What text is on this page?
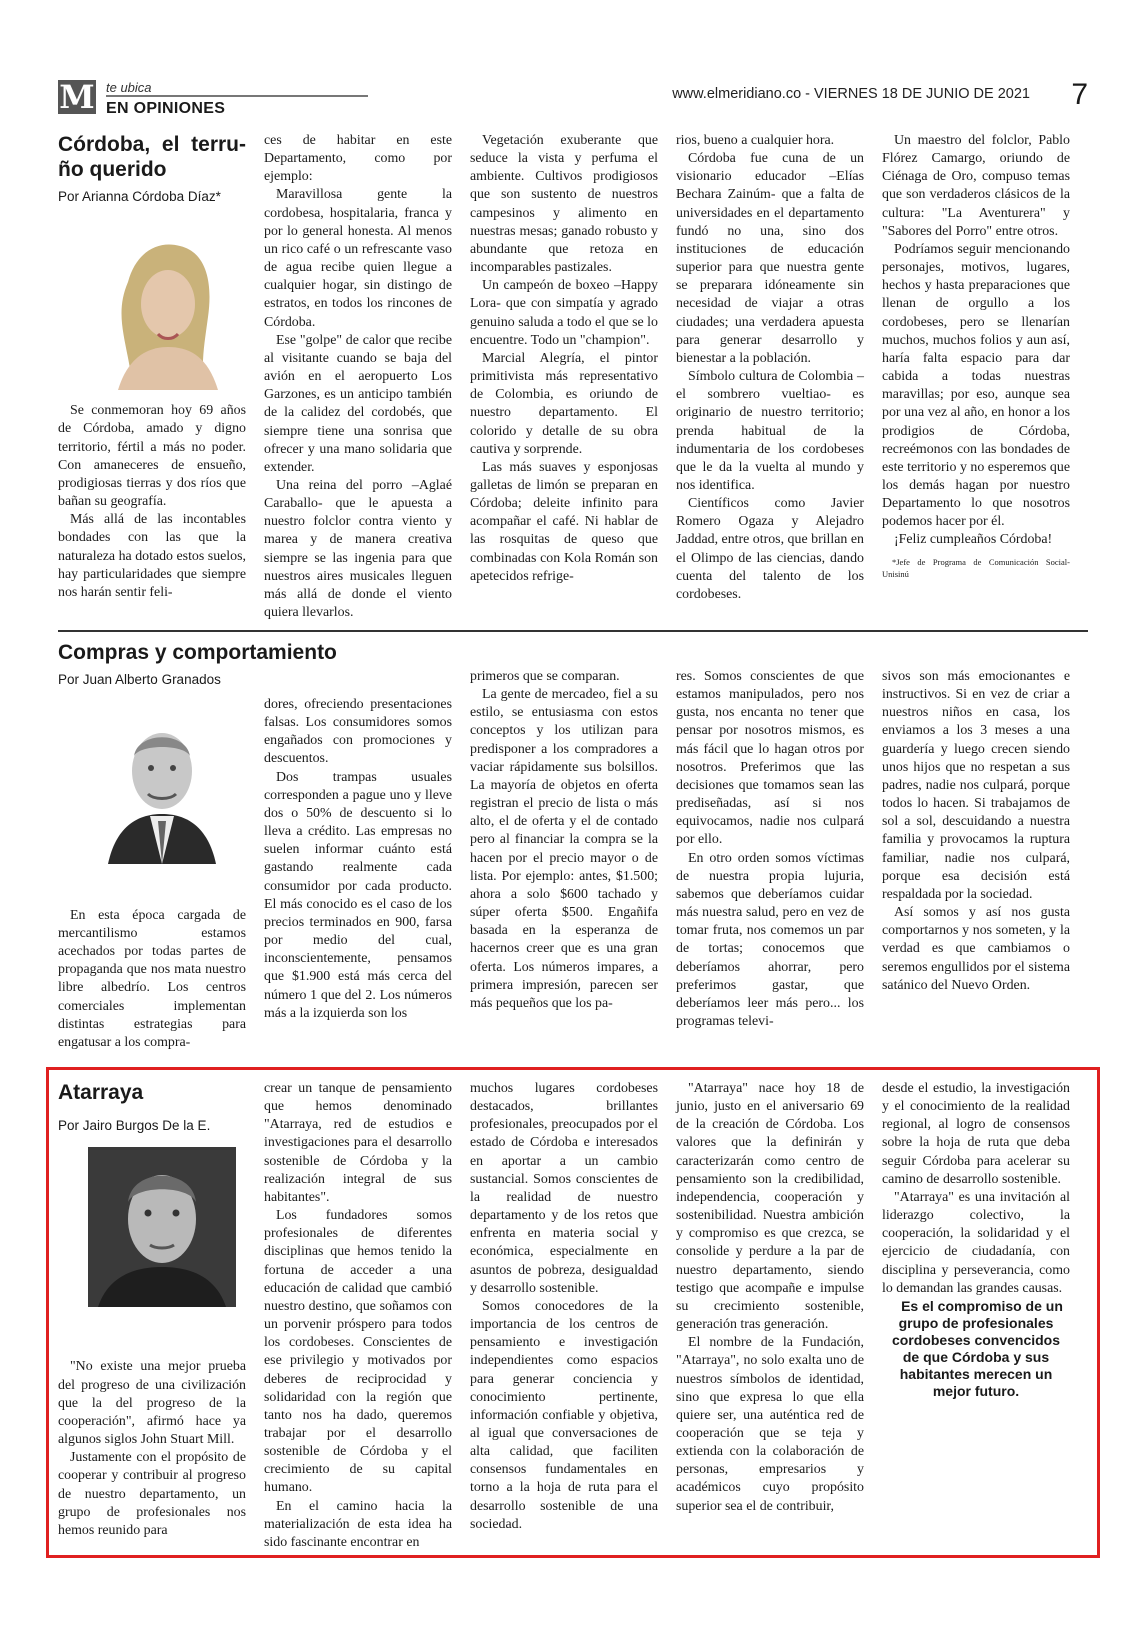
M te ubica
EN OPINIONES
www.elmeridiano.co - VIERNES 18 DE JUNIO DE 2021 7
Córdoba, el terru-ño querido
Por Arianna Córdoba Díaz*

Se conmemoran hoy 69 años de Córdoba, amado y digno territorio, fértil a más no poder. Con amaneceres de ensueño, prodigiosas tierras y dos ríos que bañan su geografía.

Más allá de las incontables bondades con las que la naturaleza ha dotado estos suelos, hay particularidades que siempre nos harán sentir feli-

ces de habitar en este Departamento, como por ejemplo:

Maravillosa gente la cordobesa, hospitalaria, franca y por lo general honesta. Al menos un rico café o un refrescante vaso de agua recibe quien llegue a cualquier hogar, sin distingo de estratos, en todos los rincones de Córdoba.

Ese "golpe" de calor que recibe al visitante cuando se baja del avión en el aeropuerto Los Garzones, es un anticipo también de la calidez del cordobés, que siempre tiene una sonrisa que ofrecer y una mano solidaria que extender.

Una reina del porro –Aglaé Caraballo- que le apuesta a nuestro folclor contra viento y marea y de manera creativa siempre se las ingenia para que nuestros aires musicales lleguen más allá de donde el viento quiera llevarlos.

Vegetación exuberante que seduce la vista y perfuma el ambiente. Cultivos prodigiosos que son sustento de nuestros campesinos y alimento en nuestras mesas; ganado robusto y abundante que retoza en incomparables pastizales.

Un campeón de boxeo –Happy Lora- que con simpatía y agrado genuino saluda a todo el que se lo encuentre. Todo un "champion".

Marcial Alegría, el pintor primitivista más representativo de Colombia, es oriundo de nuestro departamento. El colorido y detalle de su obra cautiva y sorprende.

Las más suaves y esponjosas galletas de limón se preparan en Córdoba; deleite infinito para acompañar el café. Ni hablar de las rosquitas de queso que combinadas con Kola Román son apetecidos refrige-

rios, bueno a cualquier hora.

Córdoba fue cuna de un visionario educador –Elías Bechara Zainúm- que a falta de universidades en el departamento fundó no una, sino dos instituciones de educación superior para que nuestra gente se preparara idóneamente sin necesidad de viajar a otras ciudades; una verdadera apuesta para generar desarrollo y bienestar a la población.

Símbolo cultura de Colombia –el sombrero vueltiao- es originario de nuestro territorio; prenda habitual de la indumentaria de los cordobeses que le da la vuelta al mundo y nos identifica.

Científicos como Javier Romero Ogaza y Alejadro Jaddad, entre otros, que brillan en el Olimpo de las ciencias, dando cuenta del talento de los cordobeses.

Un maestro del folclor, Pablo Flórez Camargo, oriundo de Ciénaga de Oro, compuso temas que son verdaderos clásicos de la cultura: "La Aventurera" y "Sabores del Porro" entre otros.

Podríamos seguir mencionando personajes, motivos, lugares, hechos y hasta preparaciones que llenan de orgullo a los cordobeses, pero se llenarían muchos, muchos folios y aun así, haría falta espacio para dar cabida a todas nuestras maravillas; por eso, aunque sea por una vez al año, en honor a los prodigios de Córdoba, recreémonos con las bondades de este territorio y no esperemos que los demás hagan por nuestro Departamento lo que nosotros podemos hacer por él.

¡Feliz cumpleaños Córdoba!

*Jefe de Programa de Comunicación Social-Unisinú

Compras y comportamiento
Por Juan Alberto Granados

En esta época cargada de mercantilismo estamos acechados por todas partes de propaganda que nos mata nuestro libre albedrío. Los centros comerciales implementan distintas estrategias para engatusar a los compra-

dores, ofreciendo presentaciones falsas. Los consumidores somos engañados con promociones y descuentos.

Dos trampas usuales corresponden a pague uno y lleve dos o 50% de descuento si lo lleva a crédito. Las empresas no suelen informar cuánto está gastando realmente cada consumidor por cada producto. El más conocido es el caso de los precios terminados en 900, farsa por medio del cual, inconscientemente, pensamos que $1.900 está más cerca del número 1 que del 2. Los números más a la izquierda son los

primeros que se comparan.

La gente de mercadeo, fiel a su estilo, se entusiasma con estos conceptos y los utilizan para predisponer a los compradores a vaciar rápidamente sus bolsillos. La mayoría de objetos en oferta registran el precio de lista o más alto, el de oferta y el de contado pero al financiar la compra se la hacen por el precio mayor o de lista. Por ejemplo: antes, $1.500; ahora a solo $600 tachado y súper oferta $500. Engañifa basada en la esperanza de hacernos creer que es una gran oferta. Los números impares, a primera impresión, parecen ser más pequeños que los pa-

res. Somos conscientes de que estamos manipulados, pero nos gusta, nos encanta no tener que pensar por nosotros mismos, es más fácil que lo hagan otros por nosotros. Preferimos que las decisiones que tomamos sean las prediseñadas, así si nos equivocamos, nadie nos culpará por ello.

En otro orden somos víctimas de nuestra propia lujuria, sabemos que deberíamos cuidar más nuestra salud, pero en vez de tomar fruta, nos comemos un par de tortas; conocemos que deberíamos ahorrar, pero preferimos gastar, que deberíamos leer más pero... los programas televi-

sivos son más emocionantes e instructivos. Si en vez de criar a nuestros niños en casa, los enviamos a los 3 meses a una guardería y luego crecen siendo unos hijos que no respetan a sus padres, nadie nos culpará, porque todos lo hacen. Si trabajamos de sol a sol, descuidando a nuestra familia y provocamos la ruptura familiar, nadie nos culpará, porque esa decisión está respaldada por la sociedad.

Así somos y así nos gusta comportarnos y nos someten, y la verdad es que cambiamos o seremos engullidos por el sistema satánico del Nuevo Orden.

Atarraya
Por Jairo Burgos De la E.

"No existe una mejor prueba del progreso de una civilización que la del progreso de la cooperación", afirmó hace ya algunos siglos John Stuart Mill.

Justamente con el propósito de cooperar y contribuir al progreso de nuestro departamento, un grupo de profesionales nos hemos reunido para

crear un tanque de pensamiento que hemos denominado "Atarraya, red de estudios e investigaciones para el desarrollo sostenible de Córdoba y la realización integral de sus habitantes".

Los fundadores somos profesionales de diferentes disciplinas que hemos tenido la fortuna de acceder a una educación de calidad que cambió nuestro destino, que soñamos con un porvenir próspero para todos los cordobeses. Conscientes de ese privilegio y motivados por deberes de reciprocidad y solidaridad con la región que tanto nos ha dado, queremos trabajar por el desarrollo sostenible de Córdoba y el crecimiento de su capital humano.

En el camino hacia la materialización de esta idea ha sido fascinante encontrar en

muchos lugares cordobeses destacados, brillantes profesionales, preocupados por el estado de Córdoba e interesados en aportar a un cambio sustancial. Somos conscientes de la realidad de nuestro departamento y de los retos que enfrenta en materia social y económica, especialmente en asuntos de pobreza, desigualdad y desarrollo sostenible.

Somos conocedores de la importancia de los centros de pensamiento e investigación independientes como espacios para generar conciencia y conocimiento pertinente, información confiable y objetiva, al igual que conversaciones de alta calidad, que faciliten consensos fundamentales en torno a la hoja de ruta para el desarrollo sostenible de una sociedad.

"Atarraya" nace hoy 18 de junio, justo en el aniversario 69 de la creación de Córdoba. Los valores que la definirán y caracterizarán como centro de pensamiento son la credibilidad, independencia, cooperación y sostenibilidad. Nuestra ambición y compromiso es que crezca, se consolide y perdure a la par de nuestro departamento, siendo testigo que acompañe e impulse su crecimiento sostenible, generación tras generación.

El nombre de la Fundación, "Atarraya", no solo exalta uno de nuestros símbolos de identidad, sino que expresa lo que ella quiere ser, una auténtica red de cooperación que se teja y extienda con la colaboración de personas, empresarios y académicos cuyo propósito superior sea el de contribuir,

desde el estudio, la investigación y el conocimiento de la realidad regional, al logro de consensos sobre la hoja de ruta que deba seguir Córdoba para acelerar su camino de desarrollo sostenible.

"Atarraya" es una invitación al liderazgo colectivo, la cooperación, la solidaridad y el ejercicio de ciudadanía, con disciplina y perseverancia, como lo demandan las grandes causas.

Es el compromiso de un grupo de profesionales cordobeses convencidos de que Córdoba y sus habitantes merecen un mejor futuro.
